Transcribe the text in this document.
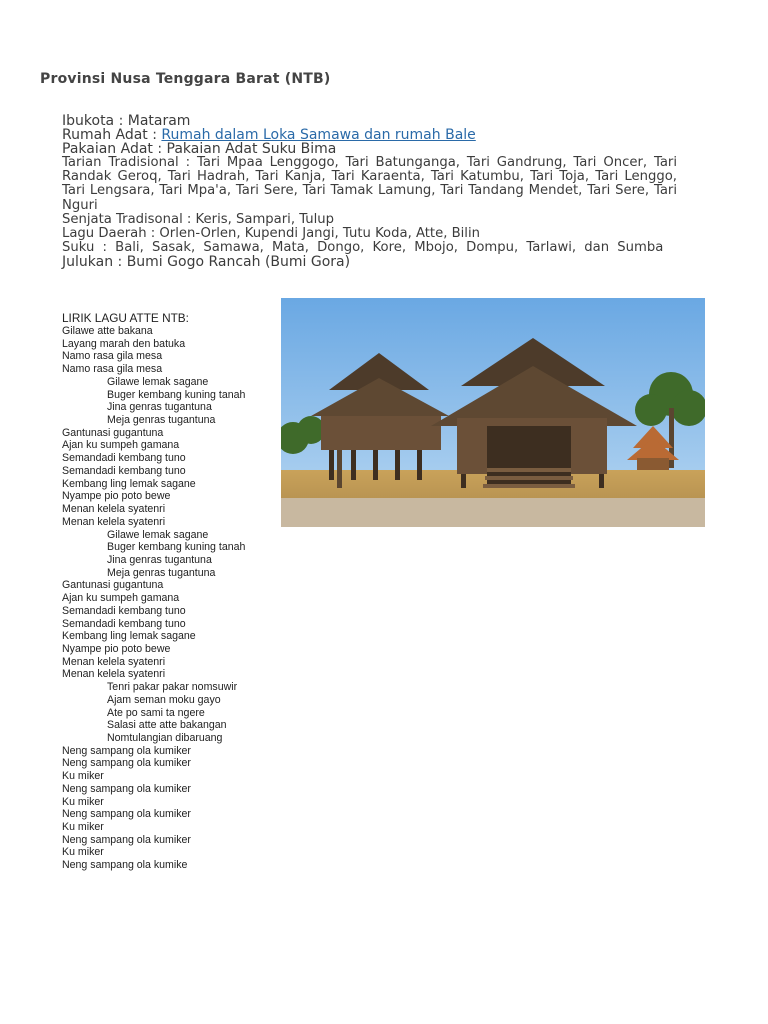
Provinsi Nusa Tenggara Barat (NTB)

Ibukota : Mataram

Rumah Adat : Rumah dalam Loka Samawa dan rumah Bale

Pakaian Adat : Pakaian Adat Suku Bima

Tarian Tradisional : Tari Mpaa Lenggogo, Tari Batunganga, Tari Gandrung, Tari Oncer, Tari Randak Geroq, Tari Hadrah, Tari Kanja, Tari Karaenta, Tari Katumbu, Tari Toja, Tari Lenggo, Tari Lengsara, Tari Mpa'a, Tari Sere, Tari Tamak Lamung, Tari Tandang Mendet, Tari Sere, Tari Nguri

Senjata Tradisonal : Keris, Sampari, Tulup

Lagu Daerah : Orlen-Orlen, Kupendi Jangi, Tutu Koda, Atte, Bilin

Suku : Bali, Sasak, Samawa, Mata, Dongo, Kore, Mbojo, Dompu, Tarlawi, dan Sumba

Julukan : Bumi Gogo Rancah (Bumi Gora)

LIRIK LAGU ATTE NTB:
Gilawe atte bakana
Layang marah den batuka
Namo rasa gila mesa
Namo rasa gila mesa
Gilawe lemak sagane
Buger kembang kuning tanah
Jina genras tugantuna
Meja genras tugantuna
Gantunasi gugantuna
Ajan ku sumpeh gamana
Semandadi kembang tuno
Semandadi kembang tuno
Kembang ling lemak sagane
Nyampe pio poto bewe
Menan kelela syatenri
Menan kelela syatenri
Gilawe lemak sagane
Buger kembang kuning tanah
Jina genras tugantuna
Meja genras tugantuna
Gantunasi gugantuna
Ajan ku sumpeh gamana
Semandadi kembang tuno
Semandadi kembang tuno
Kembang ling lemak sagane
Nyampe pio poto bewe
Menan kelela syatenri
Menan kelela syatenri
Tenri pakar pakar nomsuwir
Ajam seman moku gayo
Ate po sami ta ngere
Salasi atte atte bakangan
Nomtulangian dibaruang
Neng sampang ola kumiker
Neng sampang ola kumiker
Ku miker
Neng sampang ola kumiker
Ku miker
Neng sampang ola kumiker
Ku miker
Neng sampang ola kumiker
Ku miker
Neng sampang ola kumike
